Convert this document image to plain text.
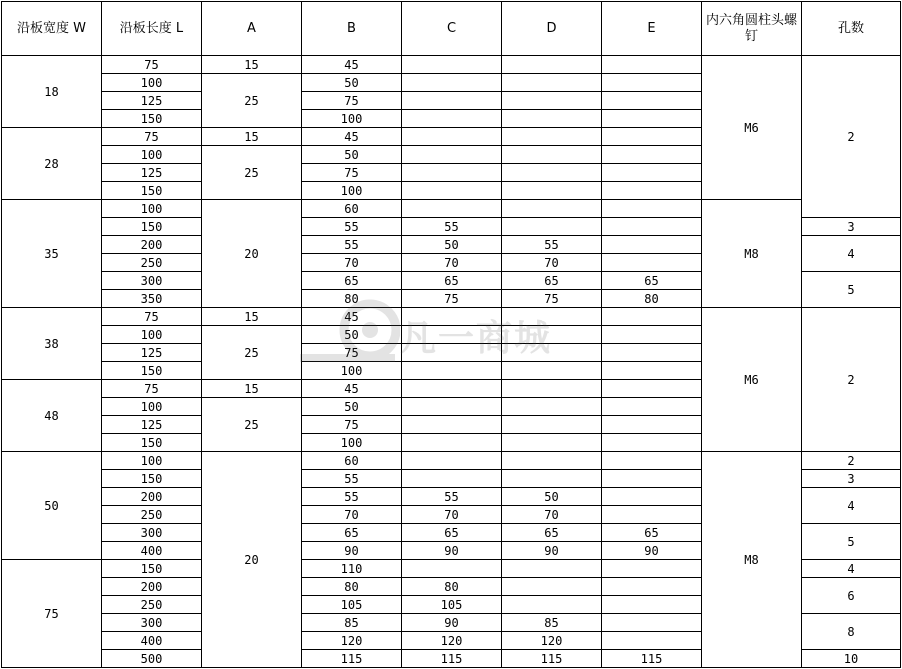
沿板宽度 W	沿板长度 L	A	B	C	D	E	内六角圆柱头螺钉	孔数
18	75	15	45				M6	2
	100	25	50					
	125		75					
	150		100					
28	75	15	45					
	100	25	50					
	125		75					
	150		100					
35	100	20	60				M8	
	150		55	55				3
	200		55	50	55			4
	250		70	70	70			
	300		65	65	65	65		5
	350		80	75	75	80		
38	75	15	45				M6	2
	100	25	50					
	125		75					
	150		100					
48	75	15	45					
	100	25	50					
	125		75					
	150		100					
50	100	20	60				M8	2
	150		55					3
	200		55	55	50			4
	250		70	70	70			
	300		65	65	65	65		5
	400		90	90	90	90		
75	150		110					4
	200		80	80				6
	250		105	105				
	300		85	90	85			8
	400		120	120	120			
	500		115	115	115	115		10
凡一商城
